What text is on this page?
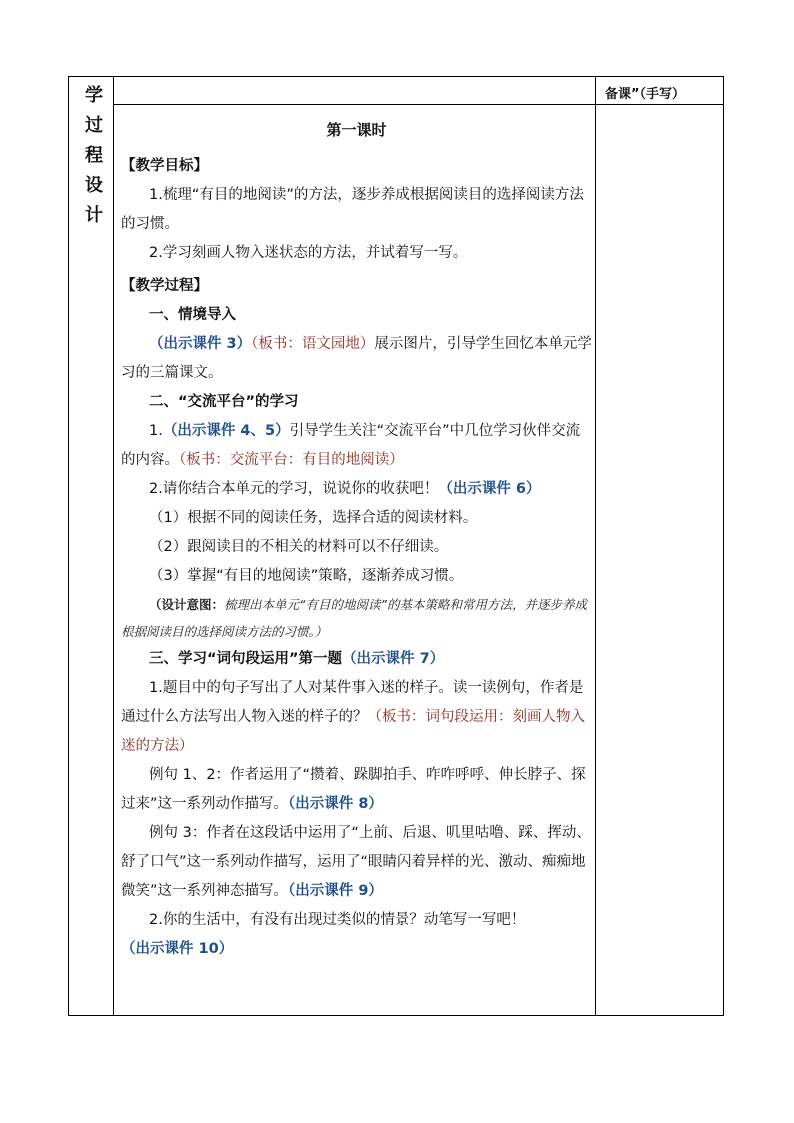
学过程设计
备课”（手写）
第一课时

【教学目标】

1.梳理“有目的地阅读”的方法，逐步养成根据阅读目的选择阅读方法的习惯。

2.学习刻画人物入迷状态的方法，并试着写一写。

【教学过程】

一、情境导入

（出示课件 3）（板书：语文园地）展示图片，引导学生回忆本单元学习的三篇课文。

二、“交流平台”的学习

1.（出示课件 4、5）引导学生关注“交流平台”中几位学习伙伴交流的内容。（板书：交流平台：有目的地阅读）

2.请你结合本单元的学习，说说你的收获吧！（出示课件 6）

（1）根据不同的阅读任务，选择合适的阅读材料。

（2）跟阅读目的不相关的材料可以不仔细读。

（3）掌握“有目的地阅读”策略，逐渐养成习惯。

（设计意图：梳理出本单元“有目的地阅读”的基本策略和常用方法，并逐步养成根据阅读目的选择阅读方法的习惯。）

三、学习“词句段运用”第一题（出示课件 7）

1.题目中的句子写出了人对某件事入迷的样子。读一读例句，作者是通过什么方法写出人物入迷的样子的？（板书：词句段运用：刻画人物入迷的方法）

例句 1、2：作者运用了“攒着、跺脚拍手、咋咋呼呼、伸长脖子、探过来”这一系列动作描写。（出示课件 8）

例句 3：作者在这段话中运用了“上前、后退、叽里咕噜、踩、挥动、舒了口气”这一系列动作描写，运用了“眼睛闪着异样的光、激动、痴痴地微笑”这一系列神态描写。（出示课件 9）

2.你的生活中，有没有出现过类似的情景？动笔写一写吧！

（出示课件 10）
